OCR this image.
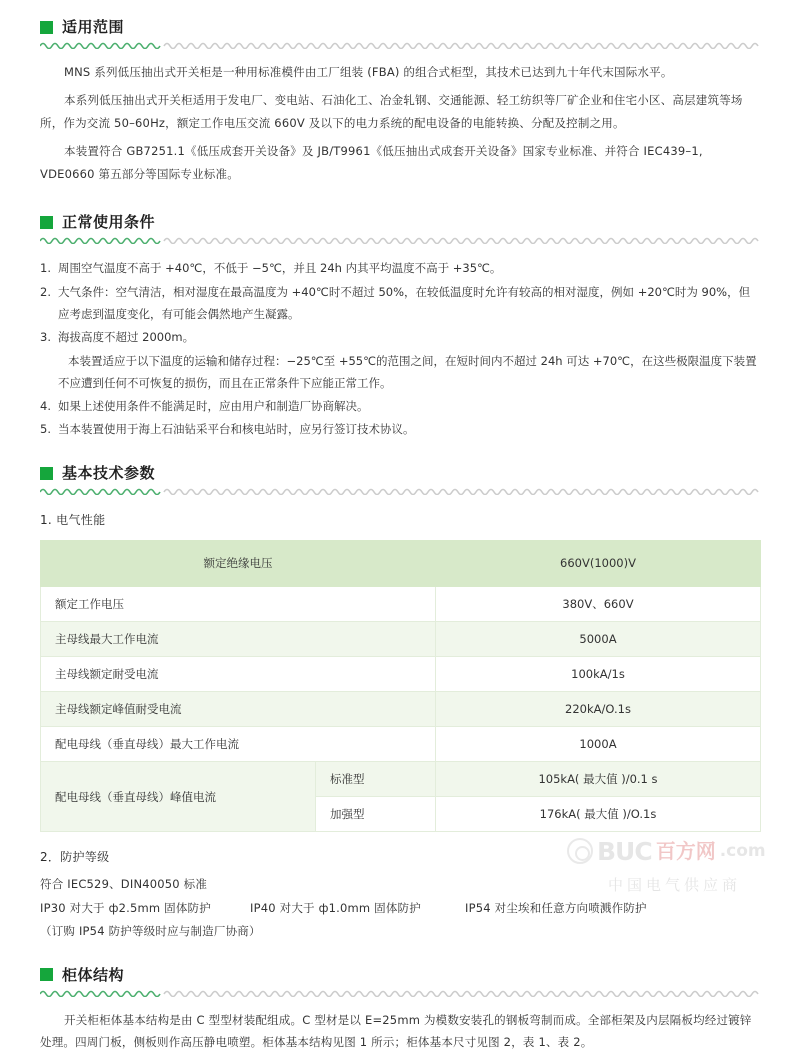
适用范围

MNS 系列低压抽出式开关柜是一种用标准模件由工厂组装 (FBA) 的组合式柜型，其技术已达到九十年代末国际水平。

本系列低压抽出式开关柜适用于发电厂、变电站、石油化工、冶金轧钢、交通能源、轻工纺织等厂矿企业和住宅小区、高层建筑等场所，作为交流 50–60Hz，额定工作电压交流 660V 及以下的电力系统的配电设备的电能转换、分配及控制之用。

本装置符合 GB7251.1《低压成套开关设备》及 JB/T9961《低压抽出式成套开关设备》国家专业标准、并符合 IEC439–1, VDE0660 第五部分等国际专业标准。

正常使用条件
1. 周围空气温度不高于 +40℃，不低于 −5℃，并且 24h 内其平均温度不高于 +35℃。
2. 大气条件：空气清洁，相对湿度在最高温度为 +40℃时不超过 50%，在较低温度时允许有较高的相对湿度，例如 +20℃时为 90%，但应考虑到温度变化，有可能会偶然地产生凝露。
3. 海拔高度不超过 2000m。
本装置适应于以下温度的运输和储存过程：−25℃至 +55℃的范围之间，在短时间内不超过 24h 可达 +70℃，在这些极限温度下装置不应遭到任何不可恢复的损伤，而且在正常条件下应能正常工作。
4. 如果上述使用条件不能满足时，应由用户和制造厂协商解决。
5. 当本装置使用于海上石油钻采平台和核电站时，应另行签订技术协议。
基本技术参数
1. 电气性能
额定绝缘电压		660V(1000)V
额定工作电压		380V、660V
主母线最大工作电流		5000A
主母线额定耐受电流		100kA/1s
主母线额定峰值耐受电流		220kA/O.1s
配电母线（垂直母线）最大工作电流		1000A
配电母线（垂直母线）峰值电流	标准型	105kA( 最大值 )/0.1 s
	加强型	176kA( 最大值 )/O.1s
2．防护等级
符合 IEC529、DIN40050 标准
IP30 对大于 ф2.5mm 固体防护	IP40 对大于 ф1.0mm 固体防护	IP54 对尘埃和任意方向喷溅作防护
（订购 IP54 防护等级时应与制造厂协商）
柜体结构

开关柜柜体基本结构是由 C 型型材装配组成。C 型材是以 E=25mm 为模数安装孔的钢板弯制而成。全部柜架及内层隔板均经过镀锌处理。四周门板，侧板则作高压静电喷塑。柜体基本结构见图 1 所示；柜体基本尺寸见图 2，表 1、表 2。

BUC 百方网 .com
中国电气供应商
